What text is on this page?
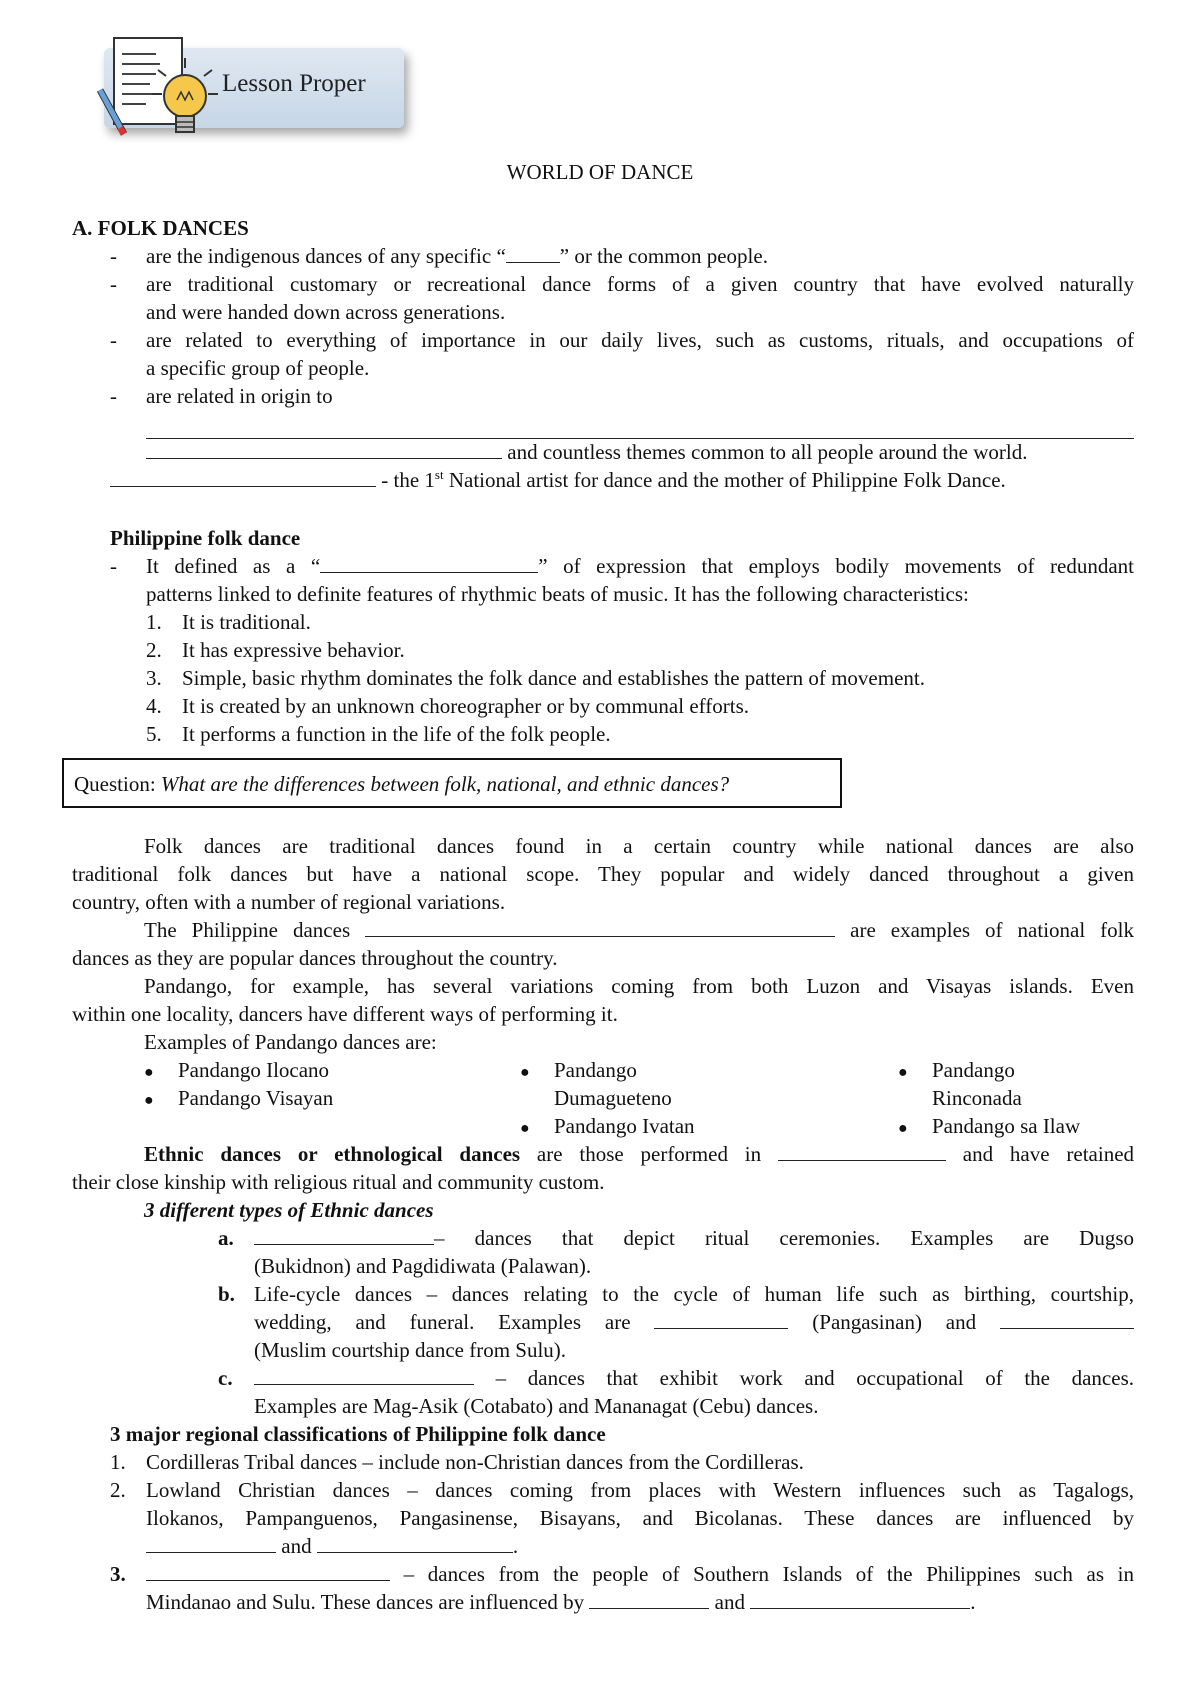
Lesson Proper
WORLD OF DANCE
A. FOLK DANCES
- are the indigenous dances of any specific “	” or the common people.
- are traditional customary or recreational dance forms of a given country that have evolved naturally
and were handed down across generations.
- are related to everything of importance in our daily lives, such as customs, rituals, and occupations of
a specific group of people.
- are related in origin to
and countless themes common to all people around the world.
- the 1st National artist for dance and the mother of Philippine Folk Dance.
Philippine folk dance
- It defined as a “	” of expression that employs bodily movements of redundant
patterns linked to definite features of rhythmic beats of music. It has the following characteristics:
1. It is traditional.
2. It has expressive behavior.
3. Simple, basic rhythm dominates the folk dance and establishes the pattern of movement.
4. It is created by an unknown choreographer or by communal efforts.
5. It performs a function in the life of the folk people.
Question: What are the differences between folk, national, and ethnic dances?
Folk dances are traditional dances found in a certain country while national dances are also
traditional folk dances but have a national scope. They popular and widely danced throughout a given
country, often with a number of regional variations.
The Philippine dances	are examples of national folk
dances as they are popular dances throughout the country.
Pandango, for example, has several variations coming from both Luzon and Visayas islands. Even
within one locality, dancers have different ways of performing it.
Examples of Pandango dances are:
● Pandango Ilocano
● Pandango Visayan
● Pandango
Dumagueteno
● Pandango Ivatan
● Pandango
Rinconada
● Pandango sa Ilaw
Ethnic dances or ethnological dances are those performed in	and have retained
their close kinship with religious ritual and community custom.
3 different types of Ethnic dances
a.	– dances that depict ritual ceremonies. Examples are Dugso
(Bukidnon) and Pagdidiwata (Palawan).
b. Life-cycle dances – dances relating to the cycle of human life such as birthing, courtship,
wedding, and funeral. Examples are	(Pangasinan) and
(Muslim courtship dance from Sulu).
c.	– dances that exhibit work and occupational of the dances.
Examples are Mag-Asik (Cotabato) and Mananagat (Cebu) dances.
3 major regional classifications of Philippine folk dance
1. Cordilleras Tribal dances – include non-Christian dances from the Cordilleras.
2. Lowland Christian dances – dances coming from places with Western influences such as Tagalogs,
Ilokanos, Pampanguenos, Pangasinense, Bisayans, and Bicolanas. These dances are influenced by
and	.
3.	– dances from the people of Southern Islands of the Philippines such as in
Mindanao and Sulu. These dances are influenced by	and	.
